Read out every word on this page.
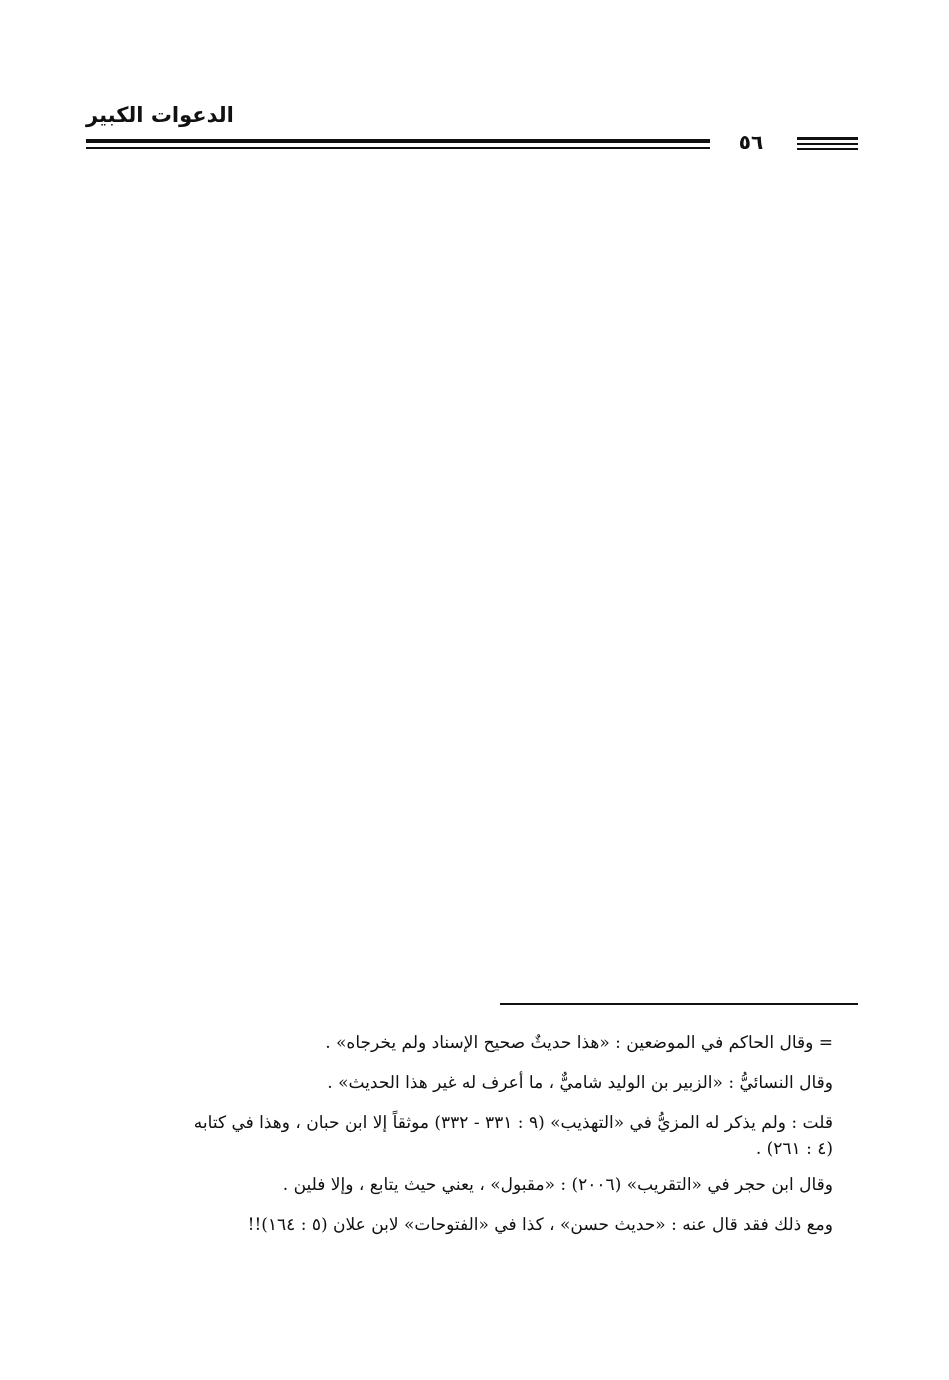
الدعوات الكبير
٥٦

= وقال الحاكم في الموضعين : «هذا حديثٌ صحيح الإسناد ولم يخرجاه» .

وقال النسائيُّ : «الزبير بن الوليد شاميٌّ ، ما أعرف له غير هذا الحديث» .

قلت : ولم يذكر له المزيُّ في «التهذيب» (٩ : ٣٣١ - ٣٣٢) موثقاً إلا ابن حبان ، وهذا في كتابه

(٤ : ٢٦١) .

وقال ابن حجر في «التقريب» (٢٠٠٦) : «مقبول» ، يعني حيث يتابع ، وإلا فلين .

ومع ذلك فقد قال عنه : «حديث حسن» ، كذا في «الفتوحات» لابن علان (٥ : ١٦٤)!!
